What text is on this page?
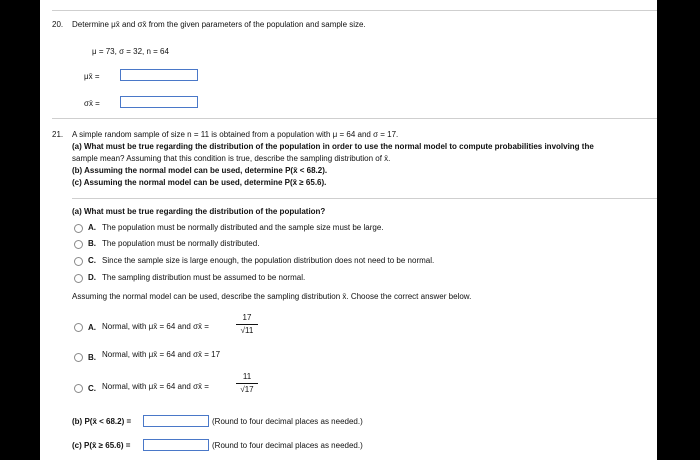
20. Determine μx̄ and σx̄ from the given parameters of the population and sample size.
μ = 73, σ = 32, n = 64
μx̄ =
σx̄ =
21. A simple random sample of size n = 11 is obtained from a population with μ = 64 and σ = 17.
(a) What must be true regarding the distribution of the population in order to use the normal model to compute probabilities involving the
sample mean? Assuming that this condition is true, describe the sampling distribution of x̄.
(b) Assuming the normal model can be used, determine P(x̄ < 68.2).
(c) Assuming the normal model can be used, determine P(x̄ ≥ 65.6).
(a) What must be true regarding the distribution of the population?
A. The population must be normally distributed and the sample size must be large.
B. The population must be normally distributed.
C. Since the sample size is large enough, the population distribution does not need to be normal.
D. The sampling distribution must be assumed to be normal.
Assuming the normal model can be used, describe the sampling distribution x̄. Choose the correct answer below.
A. Normal, with μx̄ = 64 and σx̄ =
17
√11
B. Normal, with μx̄ = 64 and σx̄ = 17
C. Normal, with μx̄ = 64 and σx̄ =
11
√17
(b) P(x̄ < 68.2) =	(Round to four decimal places as needed.)
(c) P(x̄ ≥ 65.6) =	(Round to four decimal places as needed.)
